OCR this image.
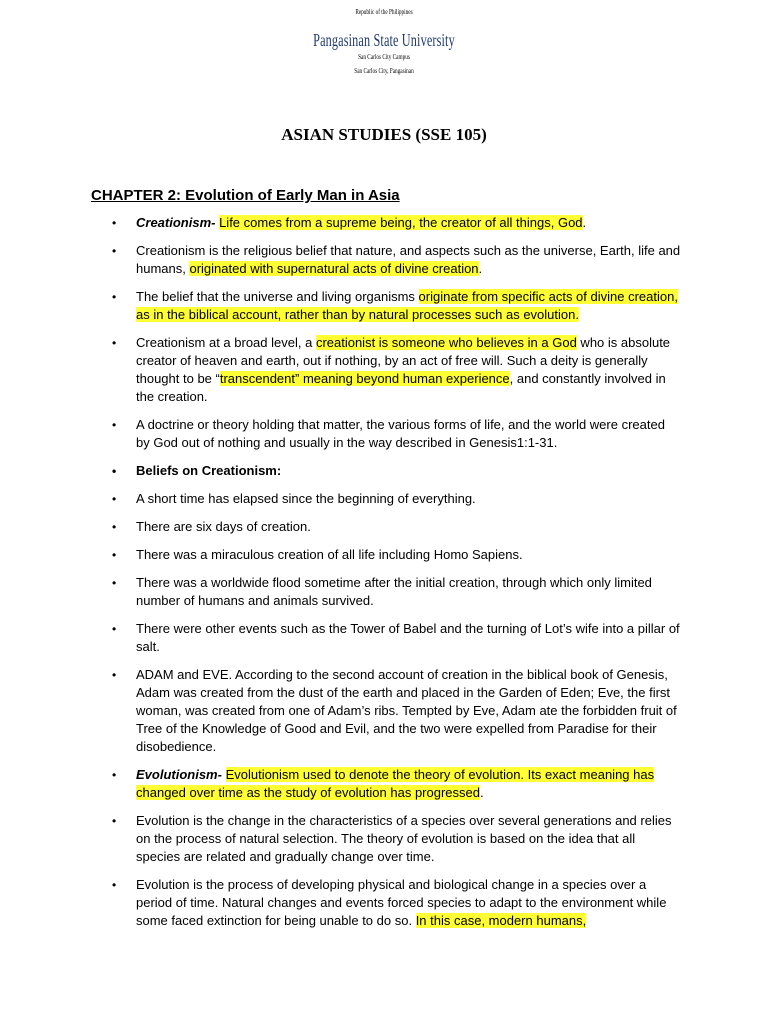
Republic of the Philippines
Pangasinan State University
San Carlos City Campus
San Carlos City, Pangasinan
ASIAN STUDIES (SSE 105)
CHAPTER 2: Evolution of Early Man in Asia
• Creationism- Life comes from a supreme being, the creator of all things, God.
• Creationism is the religious belief that nature, and aspects such as the universe, Earth, life and humans, originated with supernatural acts of divine creation.
• The belief that the universe and living organisms originate from specific acts of divine creation, as in the biblical account, rather than by natural processes such as evolution.
• Creationism at a broad level, a creationist is someone who believes in a God who is absolute creator of heaven and earth, out if nothing, by an act of free will. Such a deity is generally thought to be “transcendent” meaning beyond human experience, and constantly involved in the creation.
• A doctrine or theory holding that matter, the various forms of life, and the world were created by God out of nothing and usually in the way described in Genesis1:1-31.
• Beliefs on Creationism:
• A short time has elapsed since the beginning of everything.
• There are six days of creation.
• There was a miraculous creation of all life including Homo Sapiens.
• There was a worldwide flood sometime after the initial creation, through which only limited number of humans and animals survived.
• There were other events such as the Tower of Babel and the turning of Lot’s wife into a pillar of salt.
• ADAM and EVE. According to the second account of creation in the biblical book of Genesis, Adam was created from the dust of the earth and placed in the Garden of Eden; Eve, the first woman, was created from one of Adam’s ribs. Tempted by Eve, Adam ate the forbidden fruit of Tree of the Knowledge of Good and Evil, and the two were expelled from Paradise for their disobedience.
• Evolutionism- Evolutionism used to denote the theory of evolution. Its exact meaning has changed over time as the study of evolution has progressed.
• Evolution is the change in the characteristics of a species over several generations and relies on the process of natural selection. The theory of evolution is based on the idea that all species are related and gradually change over time.
• Evolution is the process of developing physical and biological change in a species over a period of time. Natural changes and events forced species to adapt to the environment while some faced extinction for being unable to do so. In this case, modern humans,
